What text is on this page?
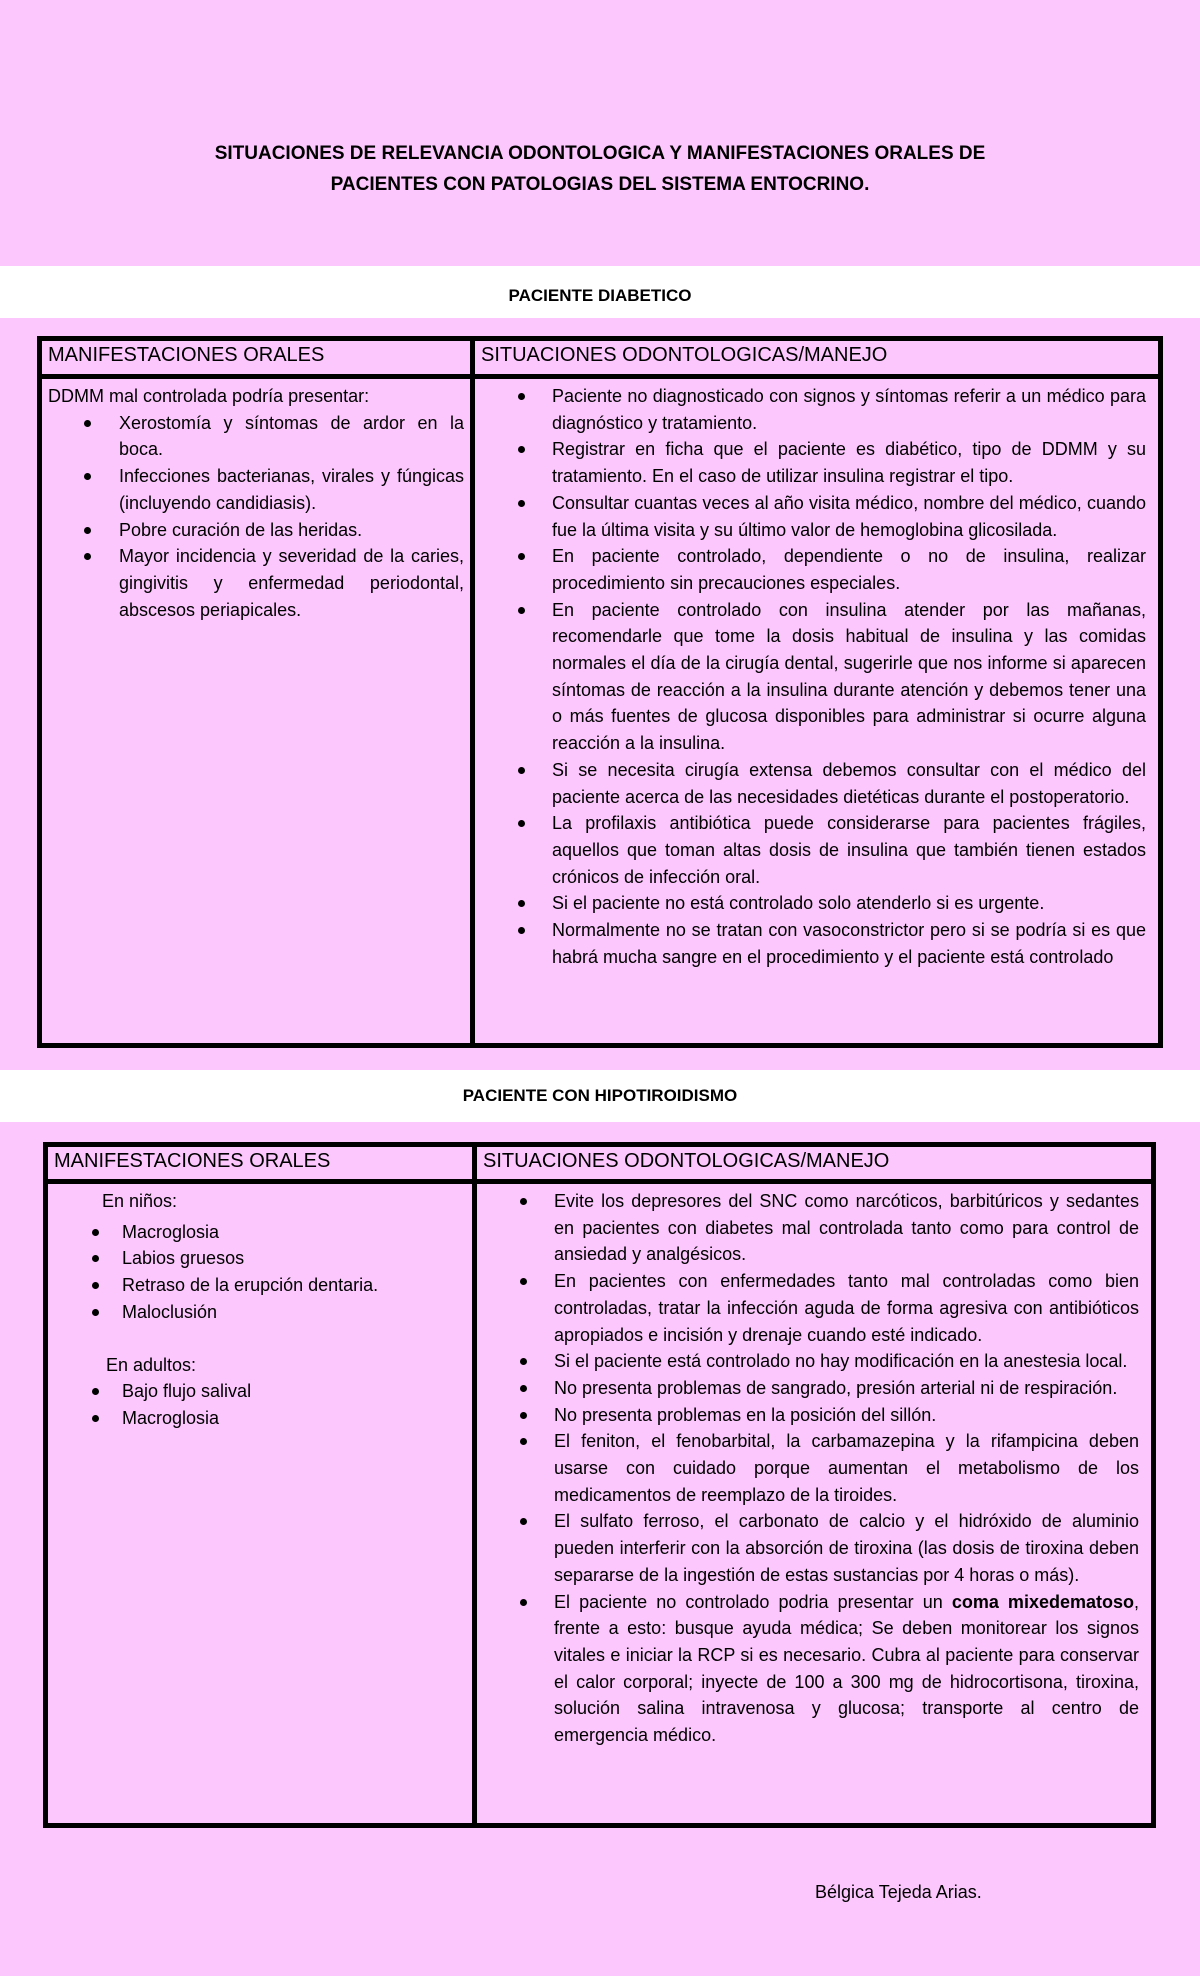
SITUACIONES DE RELEVANCIA ODONTOLOGICA Y MANIFESTACIONES ORALES DE
PACIENTES CON PATOLOGIAS DEL SISTEMA ENTOCRINO.
PACIENTE DIABETICO
MANIFESTACIONES ORALES	SITUACIONES ODONTOLOGICAS/MANEJO
DDMM mal controlada podría presentar:
Xerostomía y síntomas de ardor en la boca.
Infecciones bacterianas, virales y fúngicas (incluyendo candidiasis).
Pobre curación de las heridas.
Mayor incidencia y severidad de la caries, gingivitis y enfermedad periodontal, abscesos periapicales.
Paciente no diagnosticado con signos y síntomas referir a un médico para diagnóstico y tratamiento.
Registrar en ficha que el paciente es diabético, tipo de DDMM y su tratamiento. En el caso de utilizar insulina registrar el tipo.
Consultar cuantas veces al año visita médico, nombre del médico, cuando fue la última visita y su último valor de hemoglobina glicosilada.
En paciente controlado, dependiente o no de insulina, realizar procedimiento sin precauciones especiales.
En paciente controlado con insulina atender por las mañanas, recomendarle que tome la dosis habitual de insulina y las comidas normales el día de la cirugía dental, sugerirle que nos informe si aparecen síntomas de reacción a la insulina durante atención y debemos tener una o más fuentes de glucosa disponibles para administrar si ocurre alguna reacción a la insulina.
Si se necesita cirugía extensa debemos consultar con el médico del paciente acerca de las necesidades dietéticas durante el postoperatorio.
La profilaxis antibiótica puede considerarse para pacientes frágiles, aquellos que toman altas dosis de insulina que también tienen estados crónicos de infección oral.
Si el paciente no está controlado solo atenderlo si es urgente.
Normalmente no se tratan con vasoconstrictor pero si se podría si es que habrá mucha sangre en el procedimiento y el paciente está controlado
PACIENTE CON HIPOTIROIDISMO
MANIFESTACIONES ORALES	SITUACIONES ODONTOLOGICAS/MANEJO
En niños:
Macroglosia
Labios gruesos
Retraso de la erupción dentaria.
Maloclusión
En adultos:
Bajo flujo salival
Macroglosia
Evite los depresores del SNC como narcóticos, barbitúricos y sedantes en pacientes con diabetes mal controlada tanto como para control de ansiedad y analgésicos.
En pacientes con enfermedades tanto mal controladas como bien controladas, tratar la infección aguda de forma agresiva con antibióticos apropiados e incisión y drenaje cuando esté indicado.
Si el paciente está controlado no hay modificación en la anestesia local.
No presenta problemas de sangrado, presión arterial ni de respiración.
No presenta problemas en la posición del sillón.
El feniton, el fenobarbital, la carbamazepina y la rifampicina deben usarse con cuidado porque aumentan el metabolismo de los medicamentos de reemplazo de la tiroides.
El sulfato ferroso, el carbonato de calcio y el hidróxido de aluminio pueden interferir con la absorción de tiroxina (las dosis de tiroxina deben separarse de la ingestión de estas sustancias por 4 horas o más).
El paciente no controlado podria presentar un coma mixedematoso, frente a esto: busque ayuda médica; Se deben monitorear los signos vitales e iniciar la RCP si es necesario. Cubra al paciente para conservar el calor corporal; inyecte de 100 a 300 mg de hidrocortisona, tiroxina, solución salina intravenosa y glucosa; transporte al centro de emergencia médico.
Bélgica Tejeda Arias.
